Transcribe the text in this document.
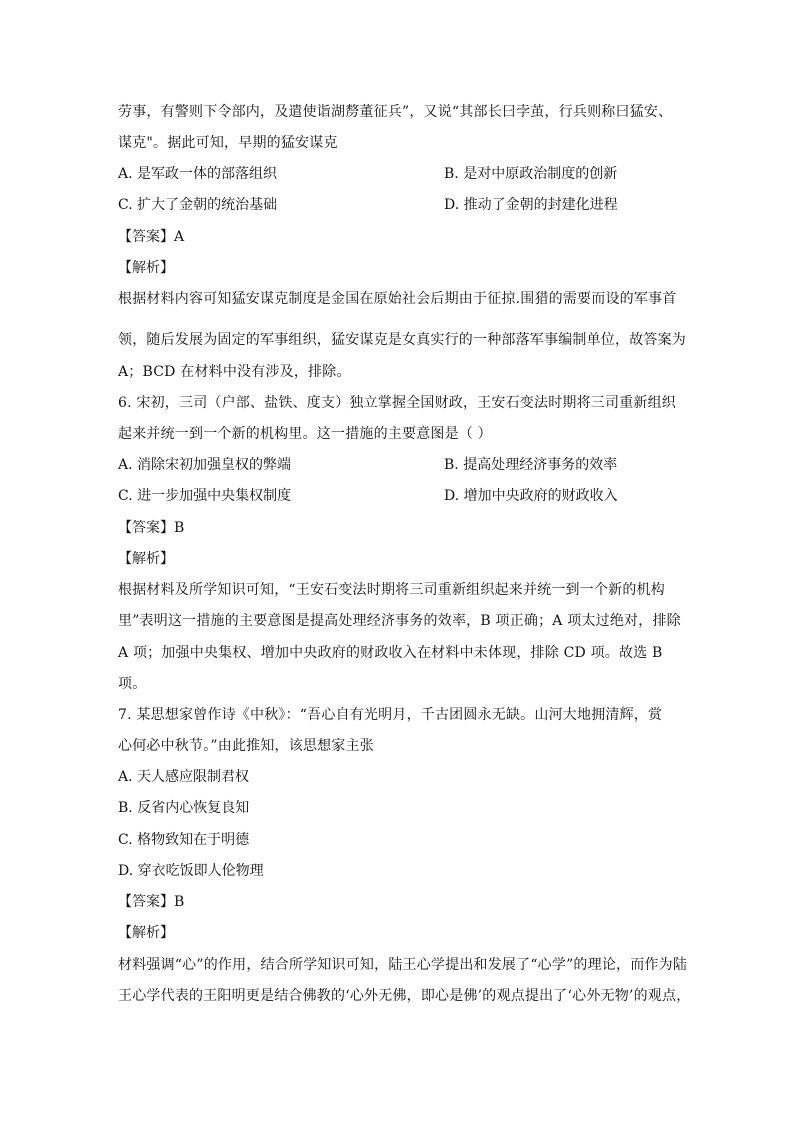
劳事，有警则下令部内，及遣使诣湖剺董征兵”，又说“其部长曰孛茧，行兵则称曰猛安、
谋克"。据此可知，早期的猛安谋克
A. 是军政一体的部落组织	B. 是对中原政治制度的创新
C. 扩大了金朝的统治基础	D. 推动了金朝的封建化进程
【答案】A
【解析】
根据材料内容可知猛安谋克制度是金国在原始社会后期由于征掠.围猎的需要而设的军事首
领，随后发展为固定的军事组织，猛安谋克是女真实行的一种部落军事编制单位，故答案为
A；BCD 在材料中没有涉及，排除。
6. 宋初，三司（户部、盐铁、度支）独立掌握全国财政，王安石变法时期将三司重新组织
起来并统一到一个新的机构里。这一措施的主要意图是（ ）
A. 消除宋初加强皇权的弊端	B. 提高处理经济事务的效率
C. 进一步加强中央集权制度	D. 增加中央政府的财政收入
【答案】B
【解析】
根据材料及所学知识可知，“王安石变法时期将三司重新组织起来并统一到一个新的机构
里”表明这一措施的主要意图是提高处理经济事务的效率，B 项正确；A 项太过绝对，排除
A 项；加强中央集权、增加中央政府的财政收入在材料中未体现，排除 CD 项。故选 B
项。
7. 某思想家曾作诗《中秋》：“吾心自有光明月，千古团圆永无缺。山河大地拥清辉，赏
心何必中秋节。”由此推知，该思想家主张
A. 天人感应限制君权
B. 反省内心恢复良知
C. 格物致知在于明德
D. 穿衣吃饭即人伦物理
【答案】B
【解析】
材料强调“心”的作用，结合所学知识可知，陆王心学提出和发展了“心学”的理论，而作为陆
王心学代表的王阳明更是结合佛教的‘心外无佛，即心是佛’的观点提出了‘心外无物’的观点，
